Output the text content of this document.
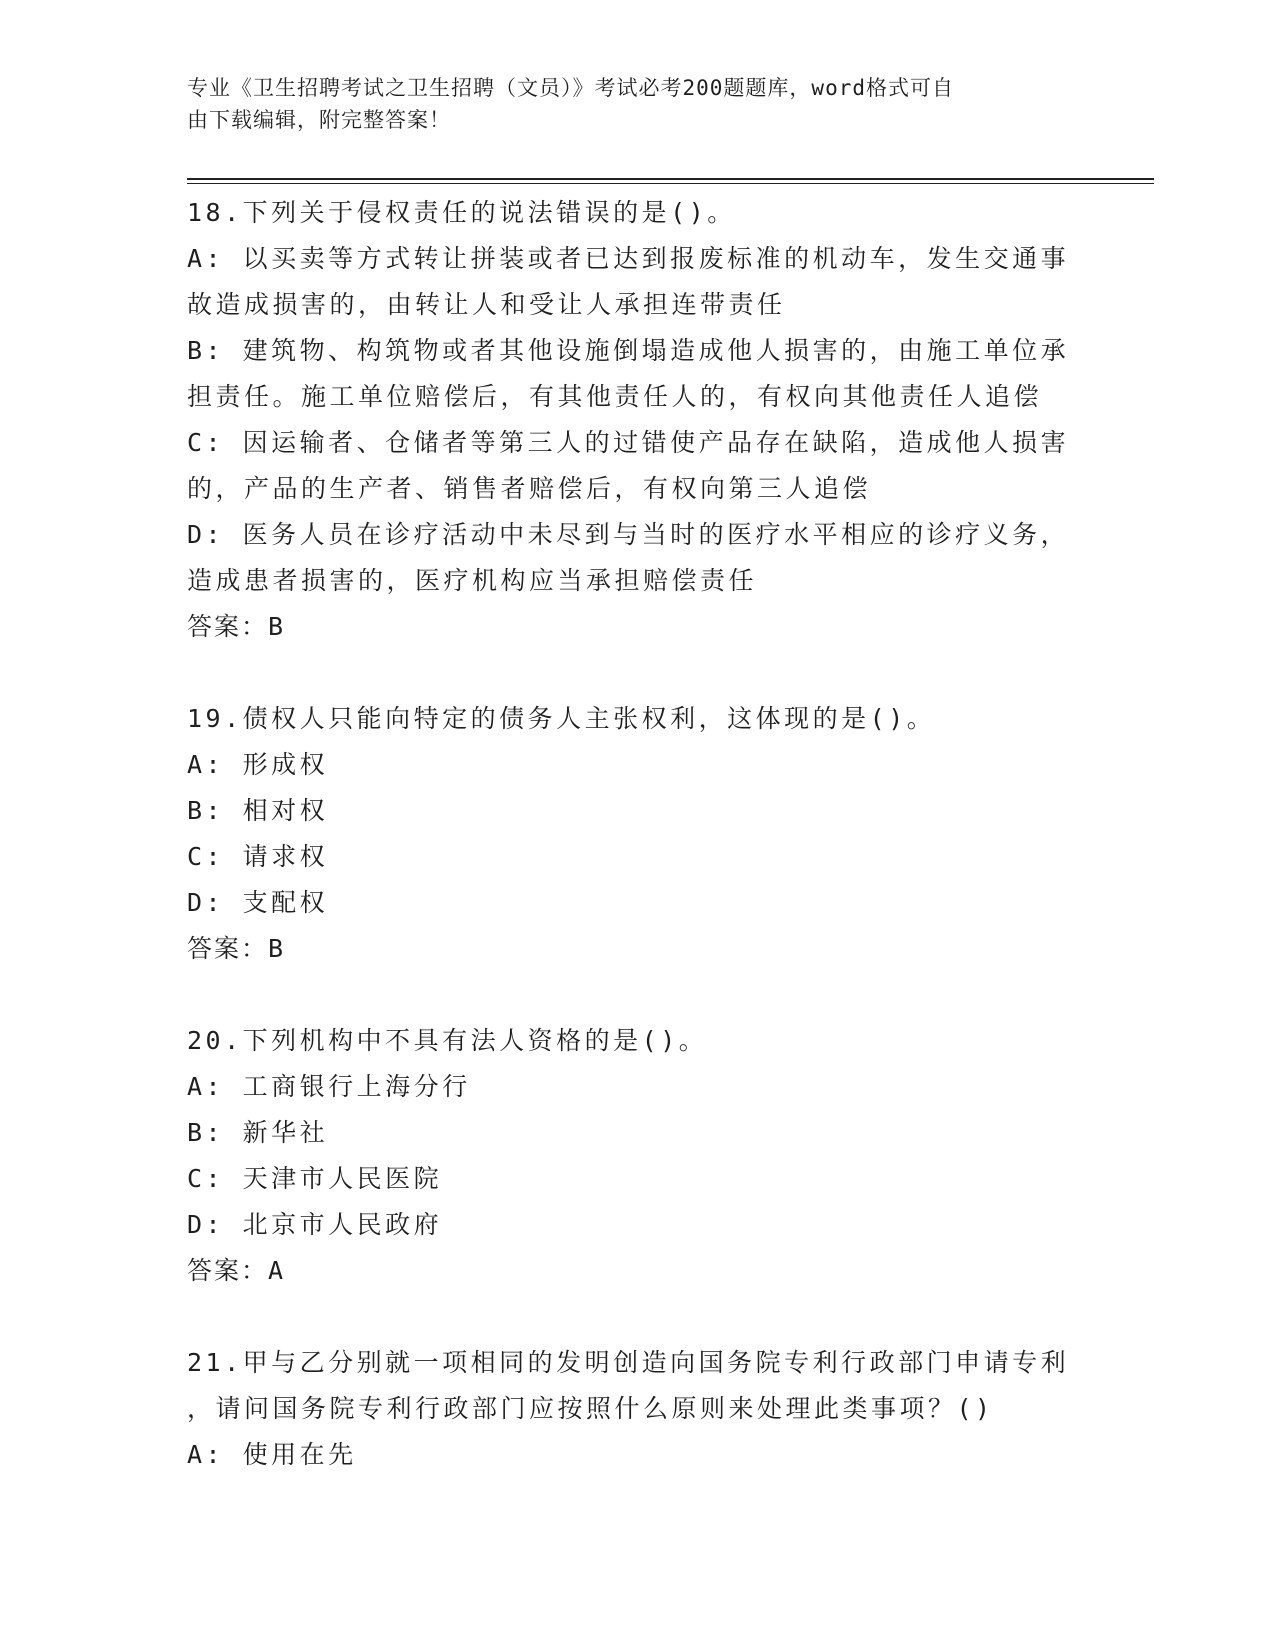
专业《卫生招聘考试之卫生招聘（文员）》考试必考200题题库，word格式可自
由下载编辑，附完整答案！
18.下列关于侵权责任的说法错误的是()。
A: 以买卖等方式转让拼装或者已达到报废标准的机动车，发生交通事
故造成损害的，由转让人和受让人承担连带责任
B: 建筑物、构筑物或者其他设施倒塌造成他人损害的，由施工单位承
担责任。施工单位赔偿后，有其他责任人的，有权向其他责任人追偿
C: 因运输者、仓储者等第三人的过错使产品存在缺陷，造成他人损害
的，产品的生产者、销售者赔偿后，有权向第三人追偿
D: 医务人员在诊疗活动中未尽到与当时的医疗水平相应的诊疗义务，
造成患者损害的，医疗机构应当承担赔偿责任
答案：B
19.债权人只能向特定的债务人主张权利，这体现的是()。
A: 形成权
B: 相对权
C: 请求权
D: 支配权
答案：B
20.下列机构中不具有法人资格的是()。
A: 工商银行上海分行
B: 新华社
C: 天津市人民医院
D: 北京市人民政府
答案：A
21.甲与乙分别就一项相同的发明创造向国务院专利行政部门申请专利
，请问国务院专利行政部门应按照什么原则来处理此类事项？()
A: 使用在先
